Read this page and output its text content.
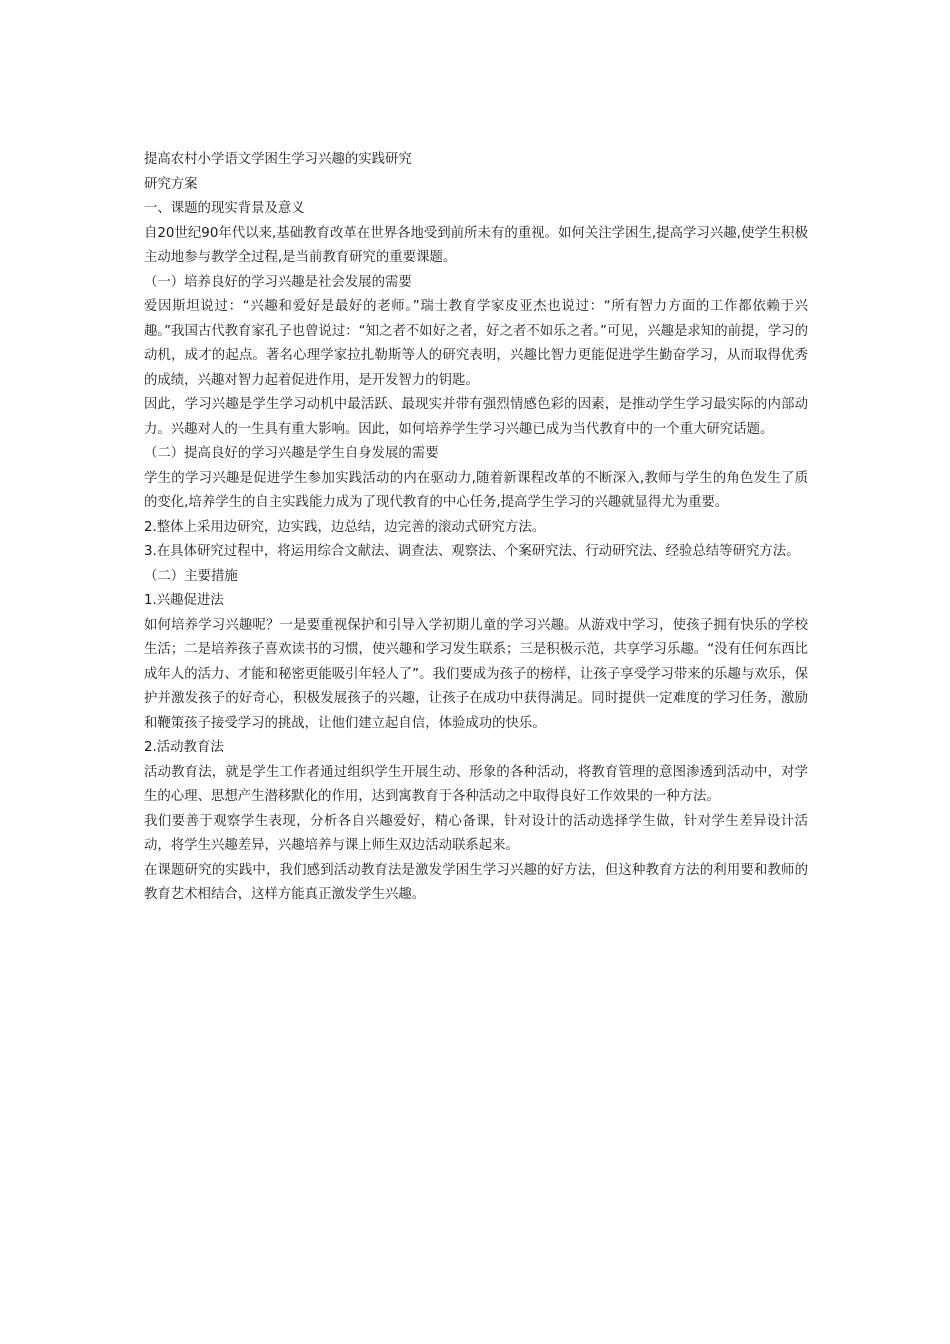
提高农村小学语文学困生学习兴趣的实践研究

研究方案

一、课题的现实背景及意义

自20世纪90年代以来,基础教育改革在世界各地受到前所未有的重视。如何关注学困生,提高学习兴趣,使学生积极主动地参与教学全过程,是当前教育研究的重要课题。

（一）培养良好的学习兴趣是社会发展的需要

爱因斯坦说过：“兴趣和爱好是最好的老师。”瑞士教育学家皮亚杰也说过：“所有智力方面的工作都依赖于兴趣。”我国古代教育家孔子也曾说过：“知之者不如好之者，好之者不如乐之者。”可见，兴趣是求知的前提，学习的动机，成才的起点。著名心理学家拉扎勒斯等人的研究表明，兴趣比智力更能促进学生勤奋学习，从而取得优秀的成绩，兴趣对智力起着促进作用，是开发智力的钥匙。

因此，学习兴趣是学生学习动机中最活跃、最现实并带有强烈情感色彩的因素，是推动学生学习最实际的内部动力。兴趣对人的一生具有重大影响。因此，如何培养学生学习兴趣已成为当代教育中的一个重大研究话题。

（二）提高良好的学习兴趣是学生自身发展的需要

学生的学习兴趣是促进学生参加实践活动的内在驱动力,随着新课程改革的不断深入,教师与学生的角色发生了质的变化,培养学生的自主实践能力成为了现代教育的中心任务,提高学生学习的兴趣就显得尤为重要。

2.整体上采用边研究，边实践，边总结，边完善的滚动式研究方法。

3.在具体研究过程中，将运用综合文献法、调查法、观察法、个案研究法、行动研究法、经验总结等研究方法。

（二）主要措施

1.兴趣促进法

如何培养学习兴趣呢？一是要重视保护和引导入学初期儿童的学习兴趣。从游戏中学习，使孩子拥有快乐的学校生活；二是培养孩子喜欢读书的习惯，使兴趣和学习发生联系；三是积极示范，共享学习乐趣。“没有任何东西比成年人的活力、才能和秘密更能吸引年轻人了”。我们要成为孩子的榜样，让孩子享受学习带来的乐趣与欢乐，保护并激发孩子的好奇心，积极发展孩子的兴趣，让孩子在成功中获得满足。同时提供一定难度的学习任务，激励和鞭策孩子接受学习的挑战，让他们建立起自信，体验成功的快乐。

2.活动教育法

活动教育法，就是学生工作者通过组织学生开展生动、形象的各种活动，将教育管理的意图渗透到活动中，对学生的心理、思想产生潜移默化的作用，达到寓教育于各种活动之中取得良好工作效果的一种方法。

我们要善于观察学生表现，分析各自兴趣爱好，精心备课，针对设计的活动选择学生做，针对学生差异设计活动，将学生兴趣差异，兴趣培养与课上师生双边活动联系起来。

在课题研究的实践中，我们感到活动教育法是激发学困生学习兴趣的好方法，但这种教育方法的利用要和教师的教育艺术相结合，这样方能真正激发学生兴趣。
